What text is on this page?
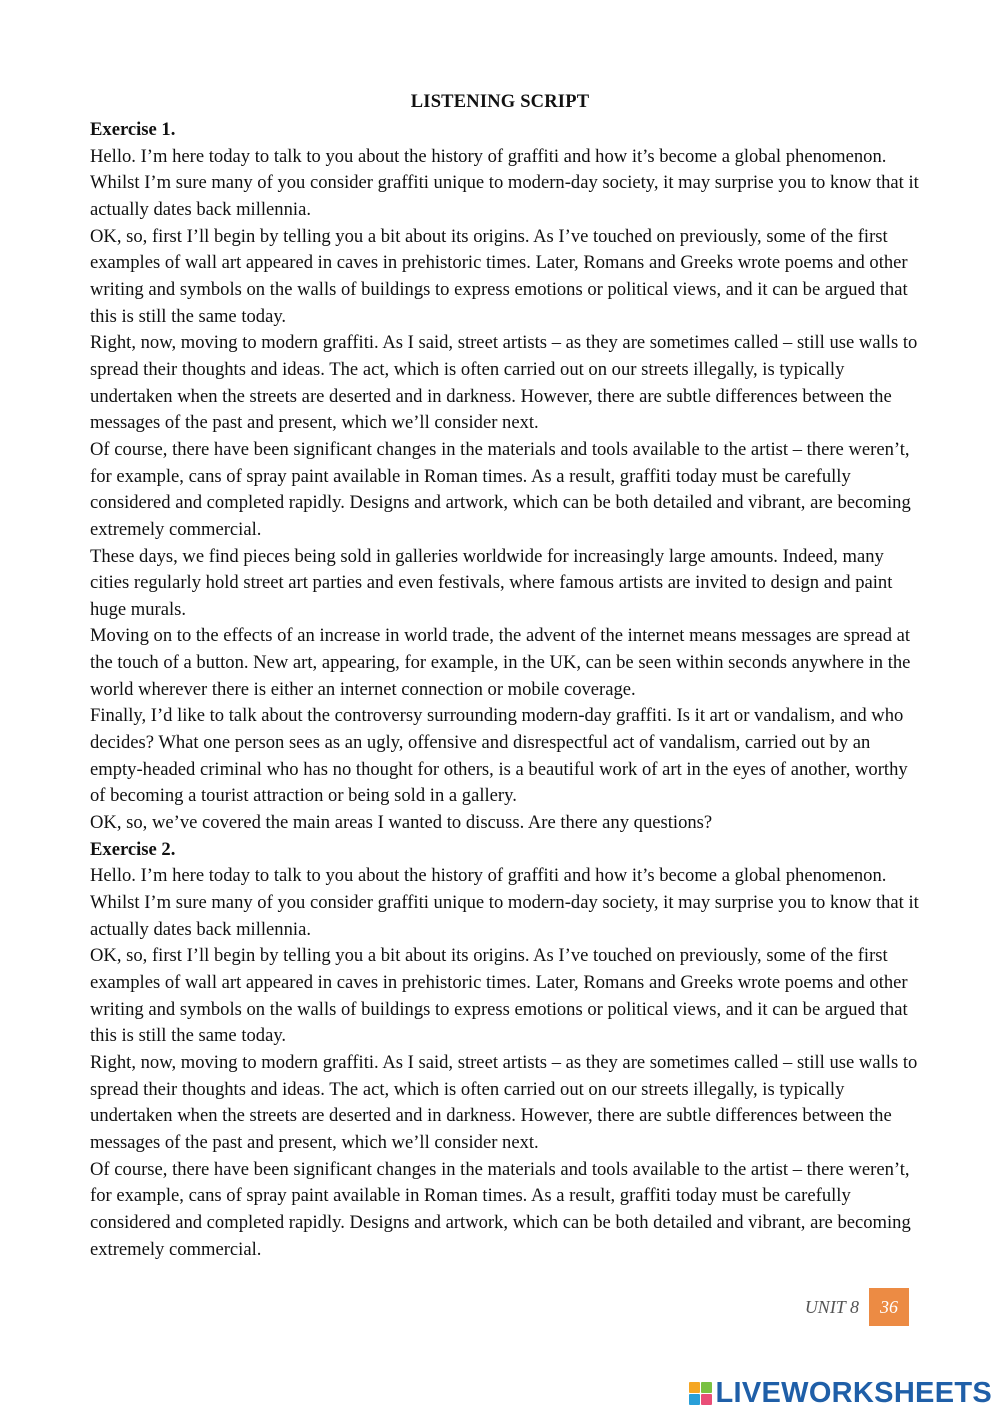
LISTENING SCRIPT

Exercise 1.

Hello. I’m here today to talk to you about the history of graffiti and how it’s become a global phenomenon. Whilst I’m sure many of you consider graffiti unique to modern-day society, it may surprise you to know that it actually dates back millennia.

OK, so, first I’ll begin by telling you a bit about its origins. As I’ve touched on previously, some of the first examples of wall art appeared in caves in prehistoric times. Later, Romans and Greeks wrote poems and other writing and symbols on the walls of buildings to express emotions or political views, and it can be argued that this is still the same today.

Right, now, moving to modern graffiti. As I said, street artists – as they are sometimes called – still use walls to spread their thoughts and ideas. The act, which is often carried out on our streets illegally, is typically undertaken when the streets are deserted and in darkness. However, there are subtle differences between the messages of the past and present, which we’ll consider next.

Of course, there have been significant changes in the materials and tools available to the artist – there weren’t, for example, cans of spray paint available in Roman times. As a result, graffiti today must be carefully considered and completed rapidly. Designs and artwork, which can be both detailed and vibrant, are becoming extremely commercial.

These days, we find pieces being sold in galleries worldwide for increasingly large amounts. Indeed, many cities regularly hold street art parties and even festivals, where famous artists are invited to design and paint huge murals.

Moving on to the effects of an increase in world trade, the advent of the internet means messages are spread at the touch of a button. New art, appearing, for example, in the UK, can be seen within seconds anywhere in the world wherever there is either an internet connection or mobile coverage.

Finally, I’d like to talk about the controversy surrounding modern-day graffiti. Is it art or vandalism, and who decides? What one person sees as an ugly, offensive and disrespectful act of vandalism, carried out by an empty-headed criminal who has no thought for others, is a beautiful work of art in the eyes of another, worthy of becoming a tourist attraction or being sold in a gallery.

OK, so, we’ve covered the main areas I wanted to discuss. Are there any questions?

Exercise 2.

Hello. I’m here today to talk to you about the history of graffiti and how it’s become a global phenomenon. Whilst I’m sure many of you consider graffiti unique to modern-day society, it may surprise you to know that it actually dates back millennia.

OK, so, first I’ll begin by telling you a bit about its origins. As I’ve touched on previously, some of the first examples of wall art appeared in caves in prehistoric times. Later, Romans and Greeks wrote poems and other writing and symbols on the walls of buildings to express emotions or political views, and it can be argued that this is still the same today.

Right, now, moving to modern graffiti. As I said, street artists – as they are sometimes called – still use walls to spread their thoughts and ideas. The act, which is often carried out on our streets illegally, is typically undertaken when the streets are deserted and in darkness. However, there are subtle differences between the messages of the past and present, which we’ll consider next.

Of course, there have been significant changes in the materials and tools available to the artist – there weren’t, for example, cans of spray paint available in Roman times. As a result, graffiti today must be carefully considered and completed rapidly. Designs and artwork, which can be both detailed and vibrant, are becoming extremely commercial.

UNIT 8	36
LIVEWORKSHEETS
